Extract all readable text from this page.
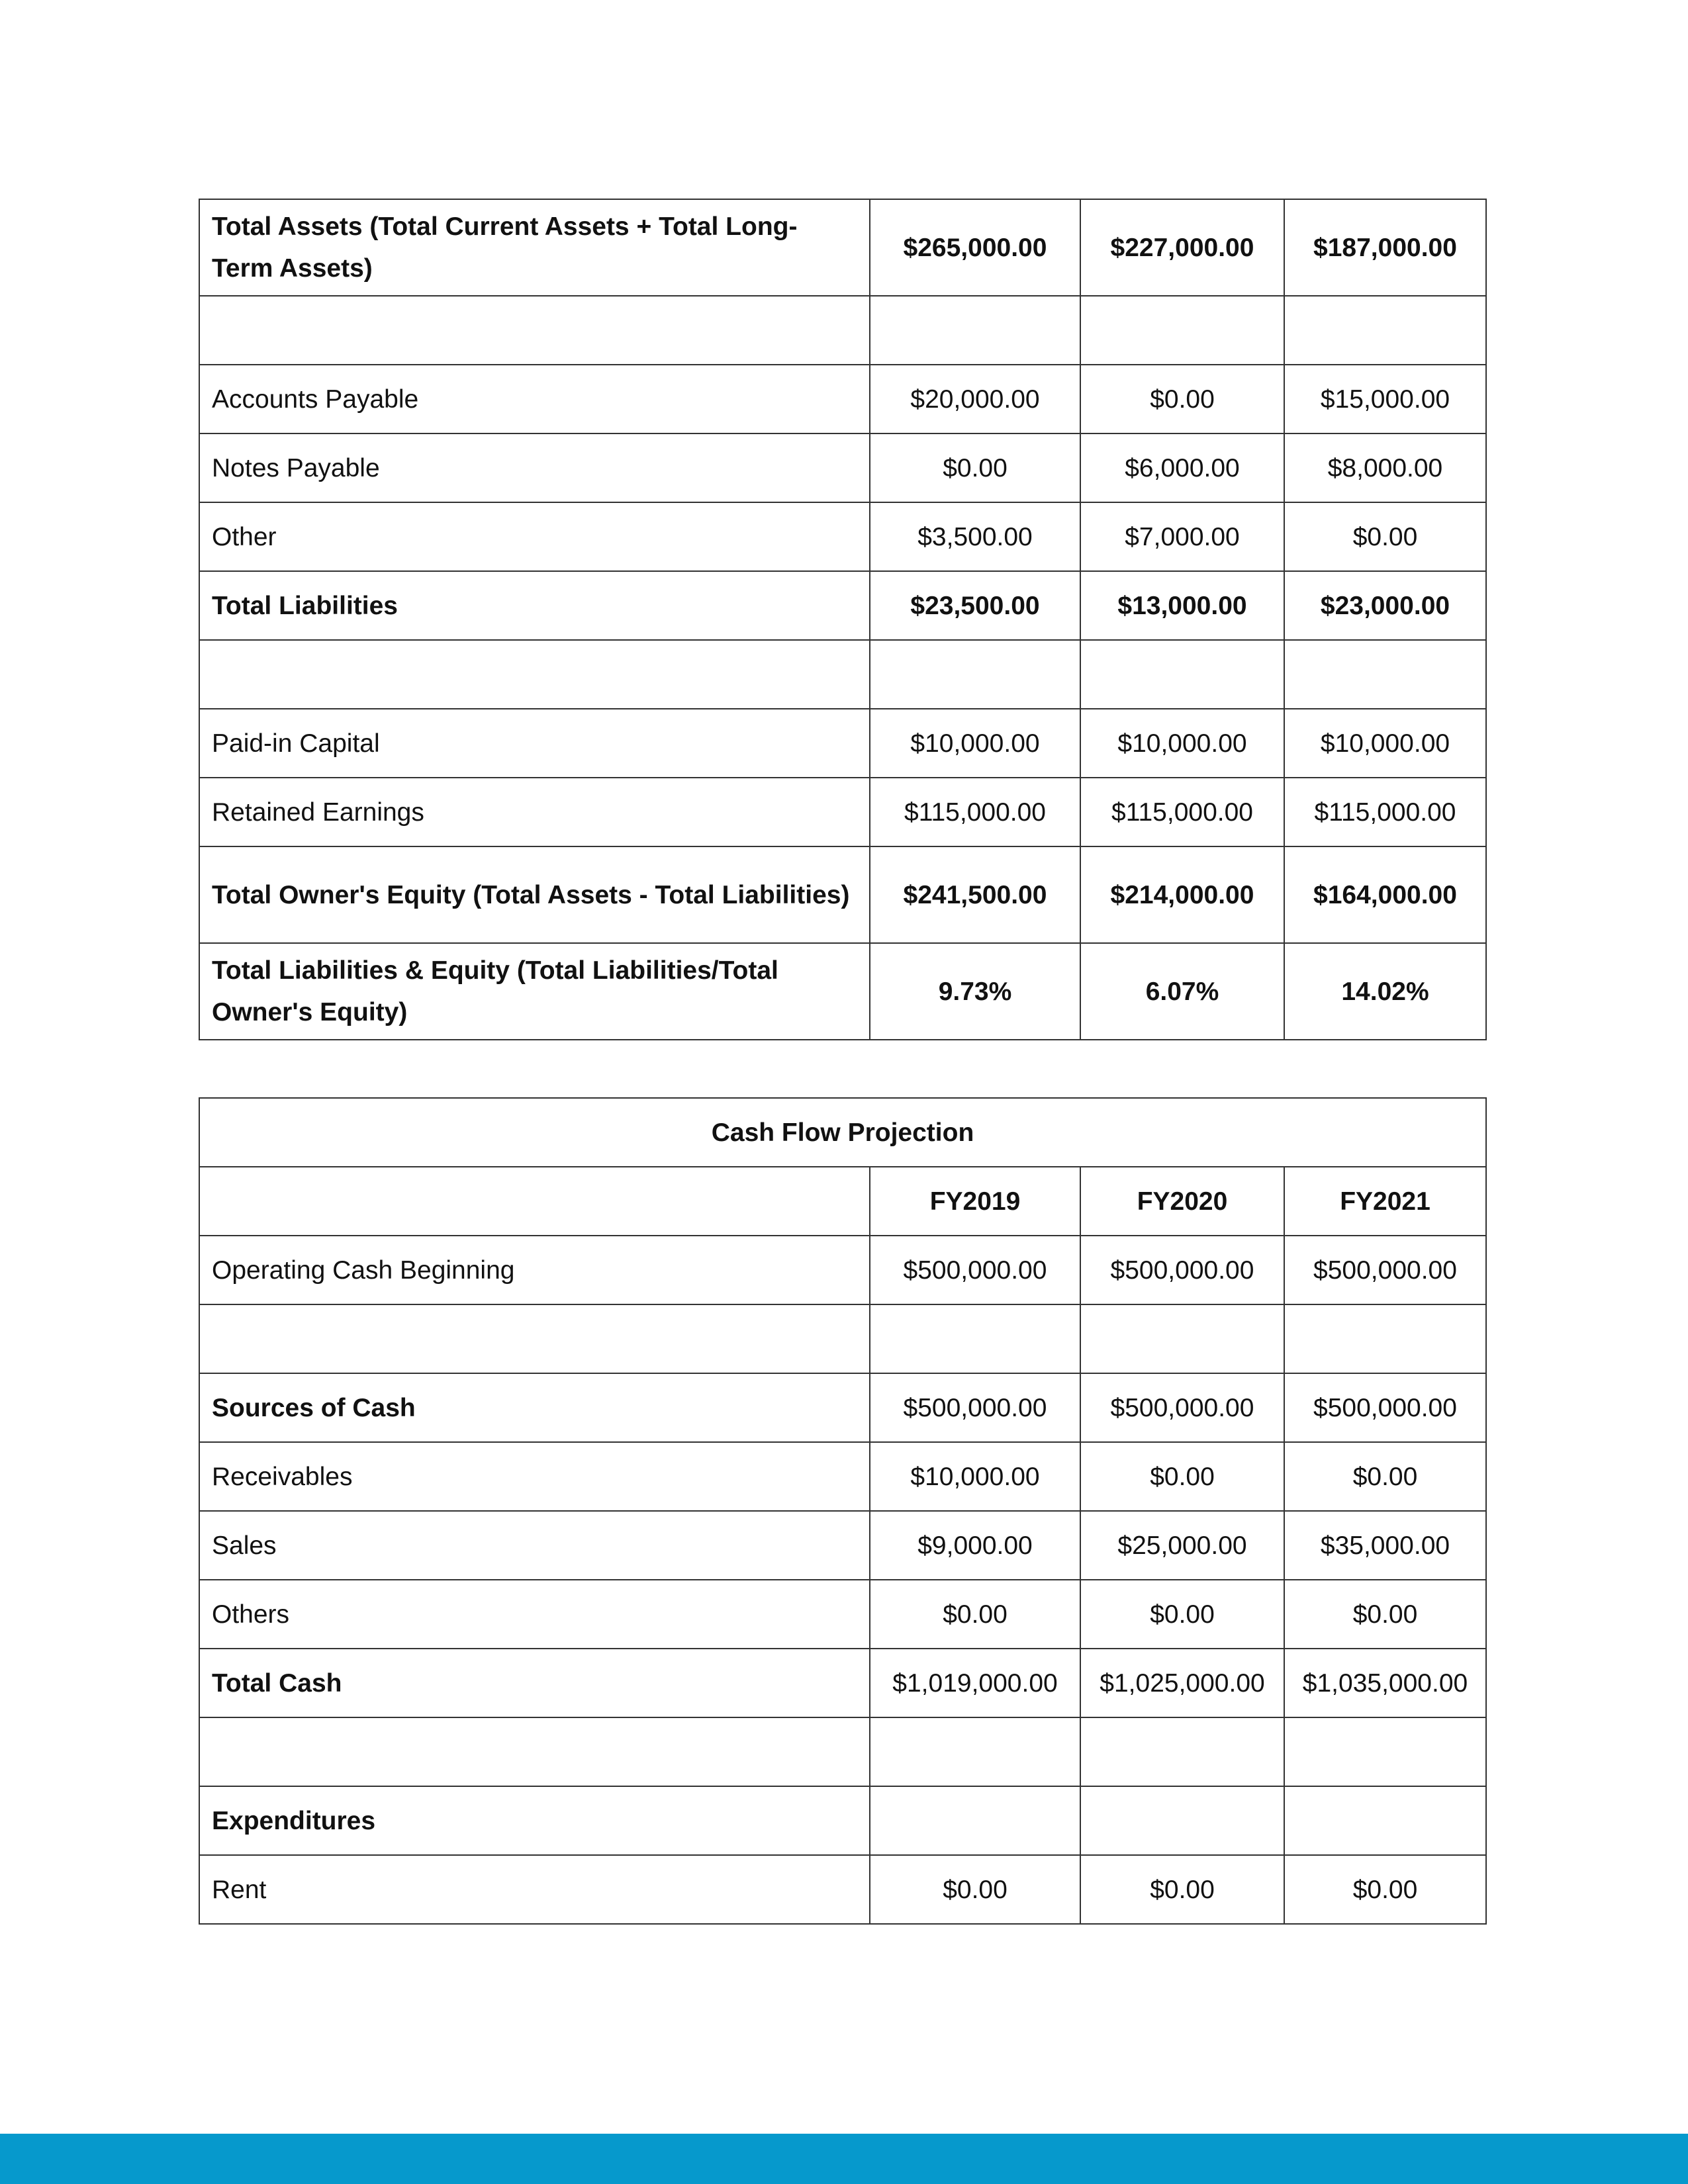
Total Assets (Total Current Assets + Total Long-Term Assets)	$265,000.00	$227,000.00	$187,000.00

Accounts Payable	$20,000.00	$0.00	$15,000.00
Notes Payable	$0.00	$6,000.00	$8,000.00
Other	$3,500.00	$7,000.00	$0.00
Total Liabilities	$23,500.00	$13,000.00	$23,000.00

Paid-in Capital	$10,000.00	$10,000.00	$10,000.00
Retained Earnings	$115,000.00	$115,000.00	$115,000.00
Total Owner's Equity (Total Assets - Total Liabilities)	$241,500.00	$214,000.00	$164,000.00
Total Liabilities & Equity (Total Liabilities/Total Owner's Equity)	9.73%	6.07%	14.02%
Cash Flow Projection			
	FY2019	FY2020	FY2021
Operating Cash Beginning	$500,000.00	$500,000.00	$500,000.00

Sources of Cash	$500,000.00	$500,000.00	$500,000.00
Receivables	$10,000.00	$0.00	$0.00
Sales	$9,000.00	$25,000.00	$35,000.00
Others	$0.00	$0.00	$0.00
Total Cash	$1,019,000.00	$1,025,000.00	$1,035,000.00

Expenditures			
Rent	$0.00	$0.00	$0.00
